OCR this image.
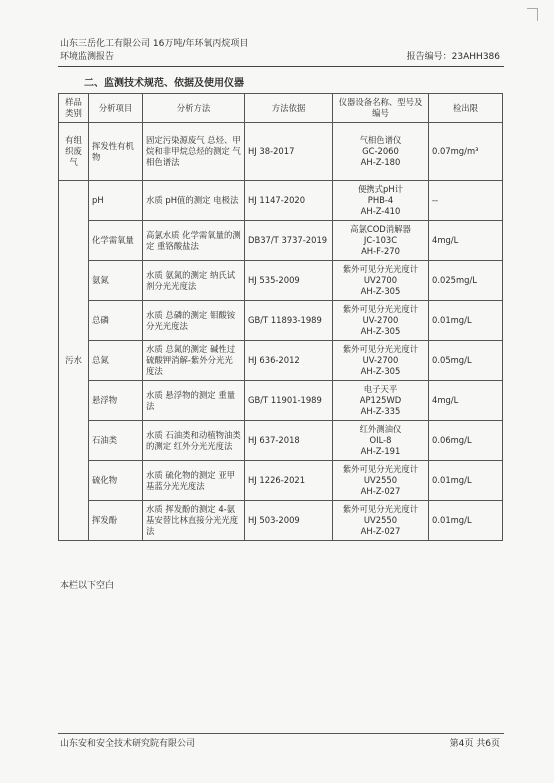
山东三岳化工有限公司 16万吨/年环氧丙烷项目
环境监测报告	报告编号：23AHH386
二、监测技术规范、依据及使用仪器
样品类别	分析项目	分析方法	方法依据	仪器设备名称、型号及编号	检出限
有组织废气	挥发性有机物	固定污染源废气 总烃、甲烷和非甲烷总烃的测定 气相色谱法	HJ 38-2017	气相色谱仪
GC-2060
AH-Z-180	0.07mg/m³
污水	pH	水质 pH值的测定 电极法	HJ 1147-2020	便携式pH计
PHB-4
AH-Z-410	--
	化学需氧量	高氯水质 化学需氧量的测定 重铬酸盐法	DB37/T 3737-2019	高氯COD消解器
JC-103C
AH-F-270	4mg/L
	氨氮	水质 氨氮的测定 纳氏试剂分光光度法	HJ 535-2009	紫外可见分光光度计 UV2700
AH-Z-305	0.025mg/L
	总磷	水质 总磷的测定 钼酸铵分光光度法	GB/T 11893-1989	紫外可见分光光度计 UV-2700
AH-Z-305	0.01mg/L
	总氮	水质 总氮的测定 碱性过硫酸钾消解-紫外分光光度法	HJ 636-2012	紫外可见分光光度计 UV-2700
AH-Z-305	0.05mg/L
	悬浮物	水质 悬浮物的测定 重量法	GB/T 11901-1989	电子天平
AP125WD
AH-Z-335	4mg/L
	石油类	水质 石油类和动植物油类的测定 红外分光光度法	HJ 637-2018	红外测油仪
OIL-8
AH-Z-191	0.06mg/L
	硫化物	水质 硫化物的测定 亚甲基蓝分光光度法	HJ 1226-2021	紫外可见分光光度计 UV2550
AH-Z-027	0.01mg/L
	挥发酚	水质 挥发酚的测定 4-氨基安替比林直接分光光度法	HJ 503-2009	紫外可见分光光度计 UV2550
AH-Z-027	0.01mg/L
本栏以下空白
山东安和安全技术研究院有限公司	第4页 共6页
